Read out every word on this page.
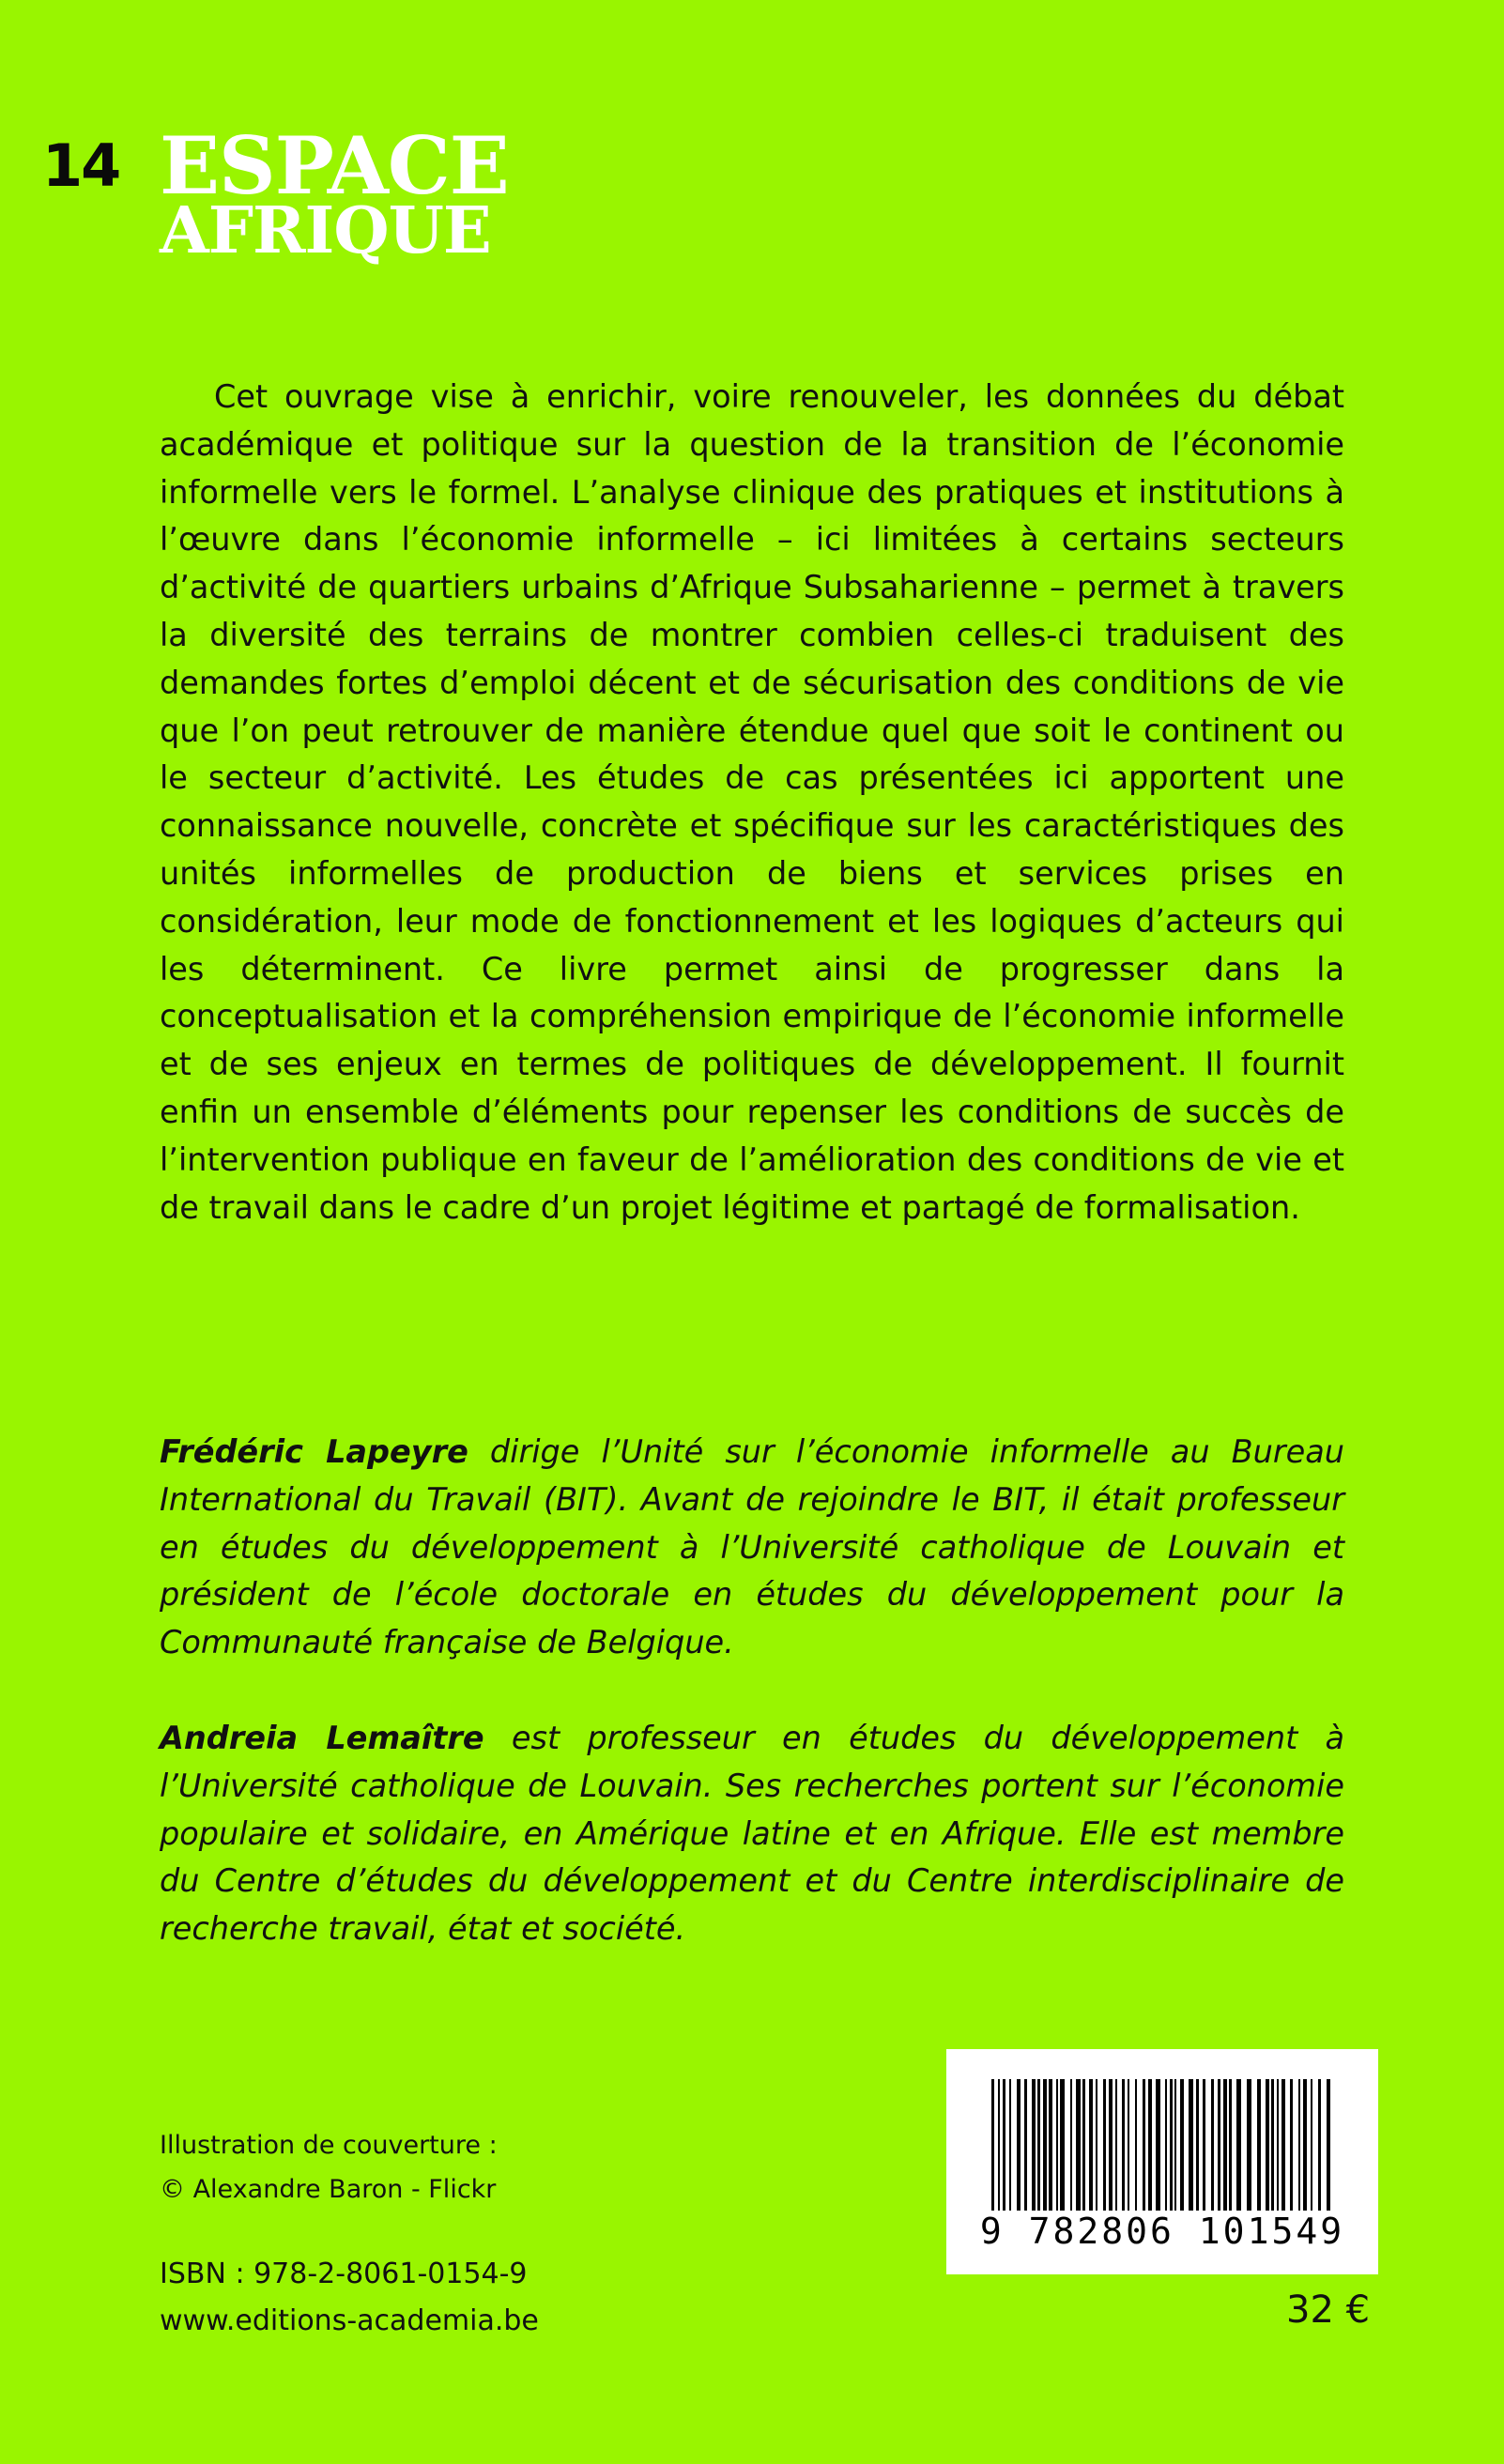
14 ESPACE
AFRIQUE

Cet ouvrage vise à enrichir, voire renouveler, les données du débat académique et politique sur la question de la transition de l’économie informelle vers le formel. L’analyse clinique des pratiques et institutions à l’œuvre dans l’économie informelle – ici limitées à certains secteurs d’activité de quartiers urbains d’Afrique Subsaharienne – permet à travers la diversité des terrains de montrer combien celles-ci traduisent des demandes fortes d’emploi décent et de sécurisation des conditions de vie que l’on peut retrouver de manière étendue quel que soit le continent ou le secteur d’activité. Les études de cas présentées ici apportent une connaissance nouvelle, concrète et spécifique sur les caractéristiques des unités informelles de production de biens et services prises en considération, leur mode de fonctionnement et les logiques d’acteurs qui les déterminent. Ce livre permet ainsi de progresser dans la conceptualisation et la compréhension empirique de l’économie informelle et de ses enjeux en termes de politiques de développement. Il fournit enfin un ensemble d’éléments pour repenser les conditions de succès de l’intervention publique en faveur de l’amélioration des conditions de vie et de travail dans le cadre d’un projet légitime et partagé de formalisation.

Frédéric Lapeyre dirige l’Unité sur l’économie informelle au Bureau International du Travail (BIT). Avant de rejoindre le BIT, il était professeur en études du développement à l’Université catholique de Louvain et président de l’école doctorale en études du développement pour la Communauté française de Belgique.

Andreia Lemaître est professeur en études du développement à l’Université catholique de Louvain. Ses recherches portent sur l’économie populaire et solidaire, en Amérique latine et en Afrique. Elle est membre du Centre d’études du développement et du Centre interdisciplinaire de recherche travail, état et société.

Illustration de couverture :
© Alexandre Baron - Flickr
ISBN : 978-2-8061-0154-9
www.editions-academia.be
9 782806 101549
32 €
